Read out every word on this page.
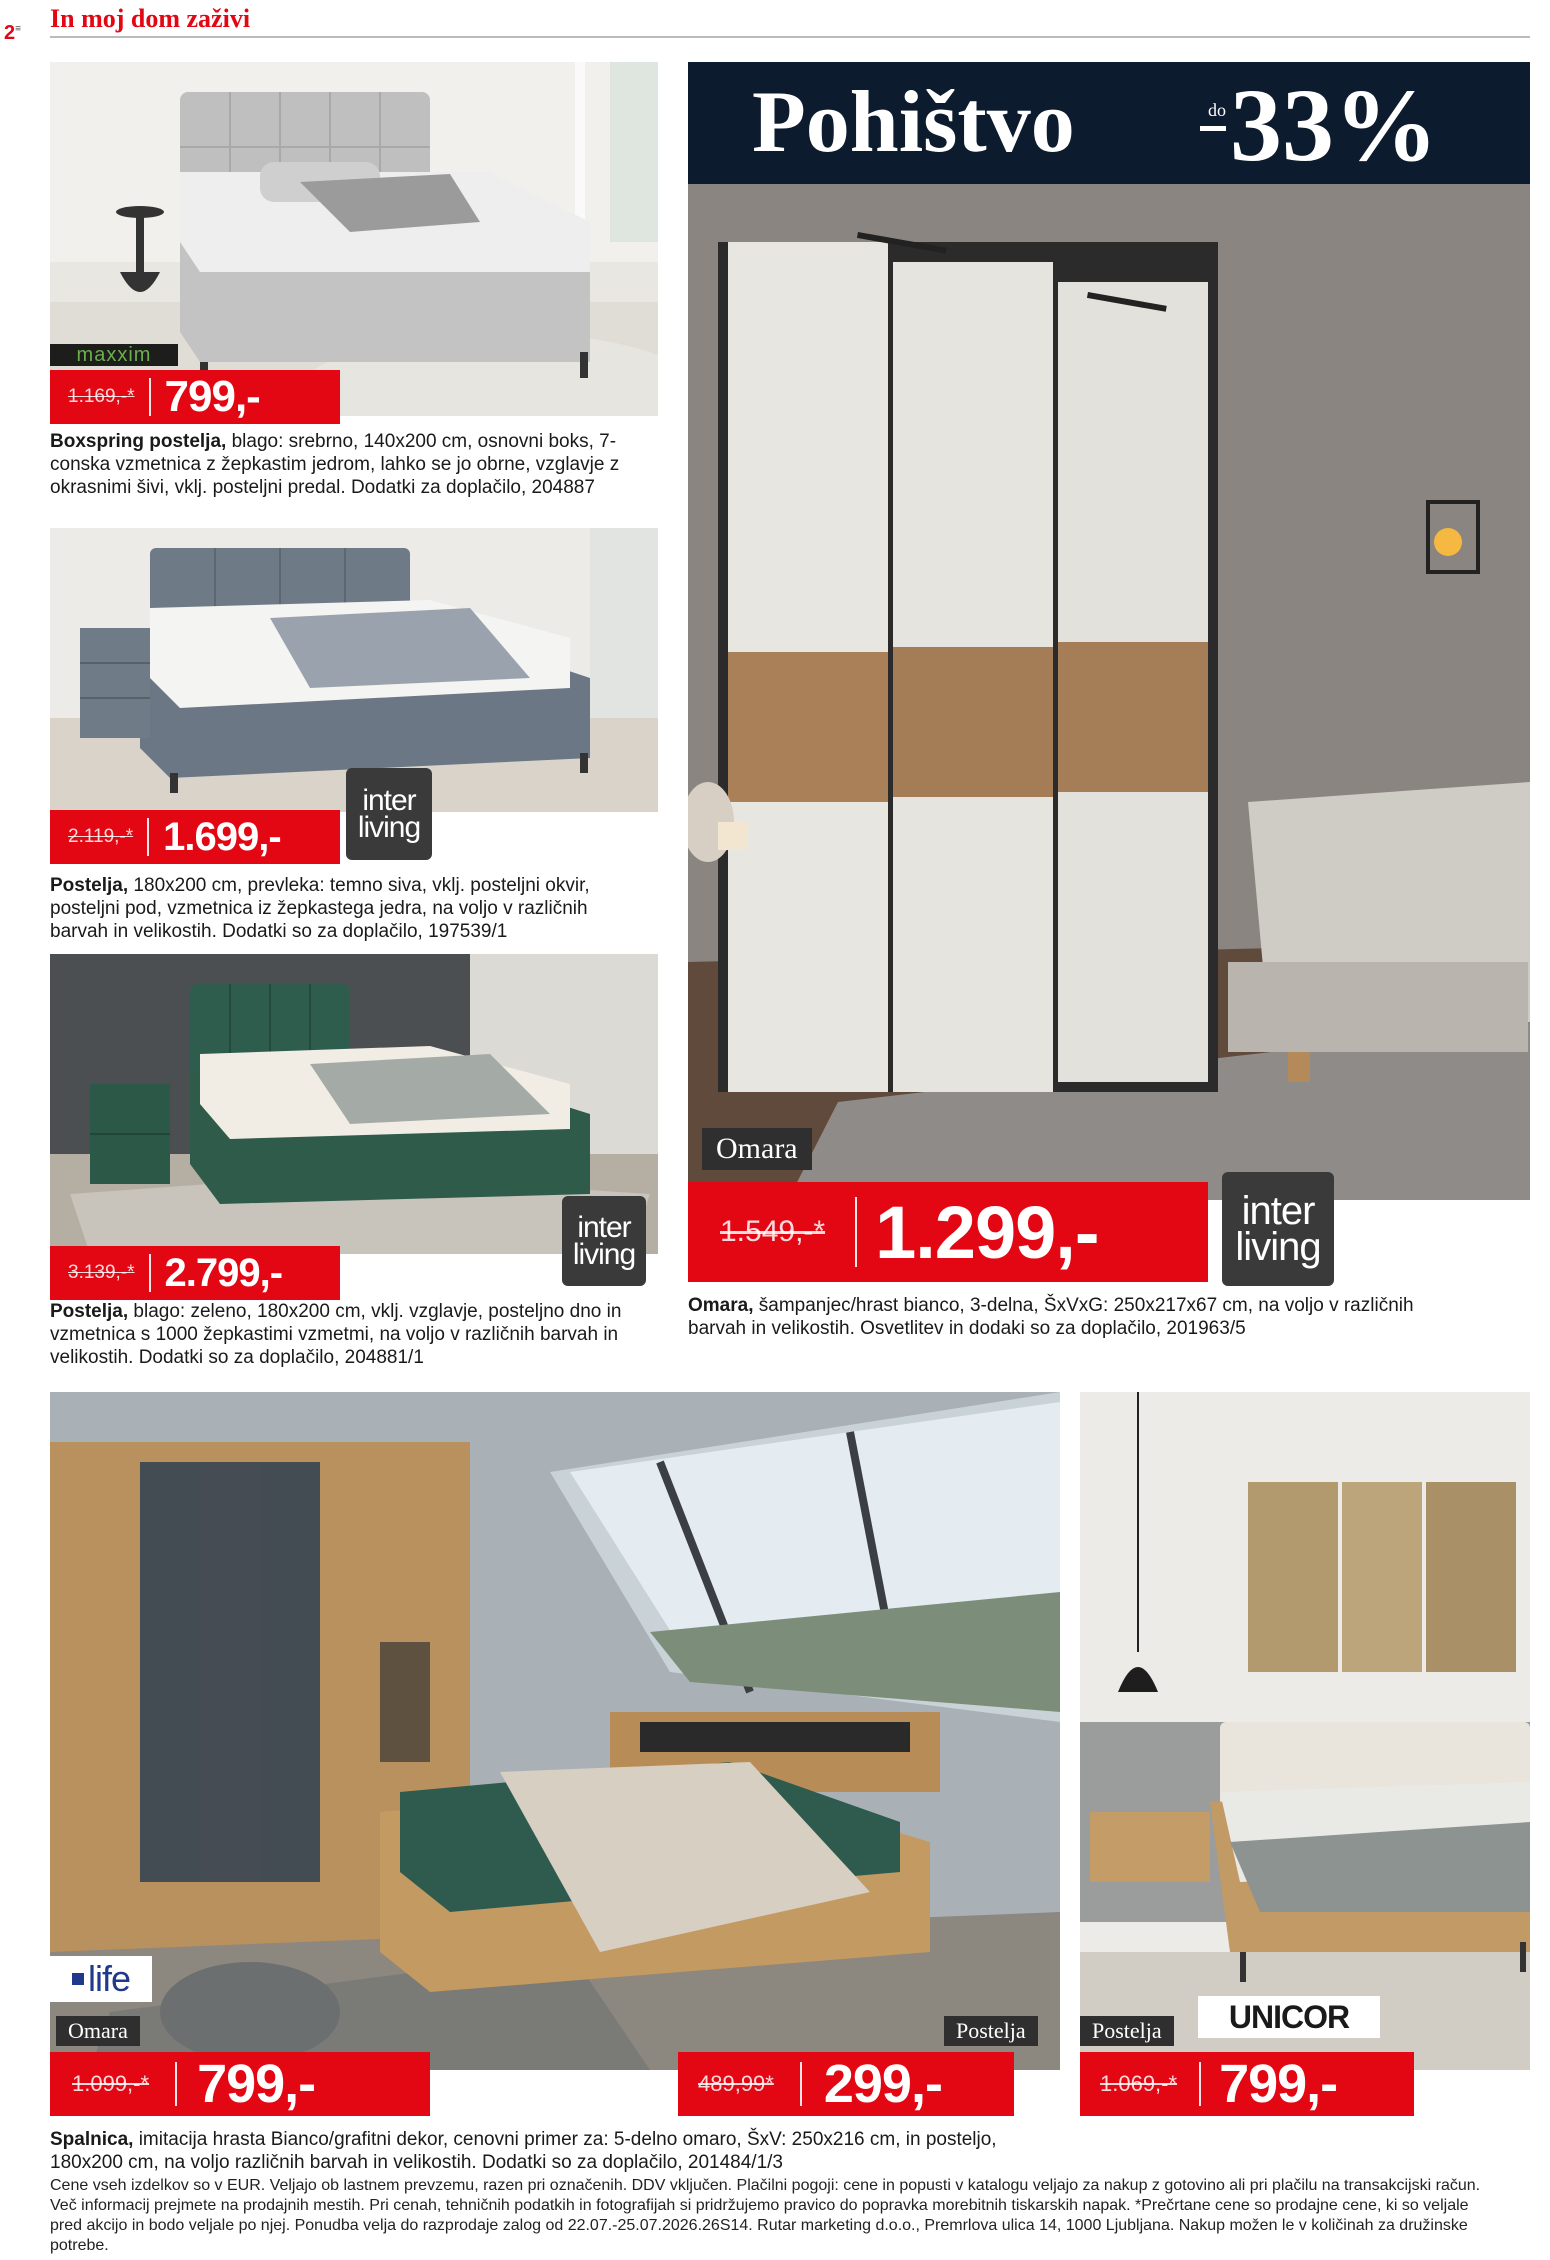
2≡ In moj dom zaživi
maxxim
1.169,-* 799,-
Boxspring postelja, blago: srebrno, 140x200 cm, osnovni boks, 7-conska vzmetnica z žepkastim jedrom, lahko se jo obrne, vzglavje z okrasnimi šivi, vklj. posteljni predal. Dodatki za doplačilo, 204887
2.119,-* 1.699,-
inter
living
Postelja, 180x200 cm, prevleka: temno siva, vklj. posteljni okvir, posteljni pod, vzmetnica iz žepkastega jedra, na voljo v različnih barvah in velikostih. Dodatki so za doplačilo, 197539/1
3.139,-* 2.799,-
inter
living
Postelja, blago: zeleno, 180x200 cm, vklj. vzglavje, posteljno dno in vzmetnica s 1000 žepkastimi vzmetmi, na voljo v različnih barvah in velikostih. Dodatki so za doplačilo, 204881/1
Pohištvo	do 33%
Omara
1.549,-* 1.299,-	inter
living
Omara, šampanjec/hrast bianco, 3-delna, ŠxVxG: 250x217x67 cm, na voljo v različnih barvah in velikostih. Osvetlitev in dodaki so za doplačilo, 201963/5
life
Omara	Postelja
1.099,-* 799,-	489,99* 299,-
Spalnica, imitacija hrasta Bianco/grafitni dekor, cenovni primer za: 5-delno omaro, ŠxV: 250x216 cm, in posteljo, 180x200 cm, na voljo različnih barvah in velikostih. Dodatki so za doplačilo, 201484/1/3
UNICOR
Postelja
1.069,-* 799,-
Cene vseh izdelkov so v EUR. Veljajo ob lastnem prevzemu, razen pri označenih. DDV vključen. Plačilni pogoji: cene in popusti v katalogu veljajo za nakup z gotovino ali pri plačilu na transakcijski račun. Več informacij prejmete na prodajnih mestih. Pri cenah, tehničnih podatkih in fotografijah si pridržujemo pravico do popravka morebitnih tiskarskih napak. *Prečrtane cene so prodajne cene, ki so veljale pred akcijo in bodo veljale po njej. Ponudba velja do razprodaje zalog od 22.07.-25.07.2026.26S14. Rutar marketing d.o.o., Premrlova ulica 14, 1000 Ljubljana. Nakup možen le v količinah za družinske potrebe.
